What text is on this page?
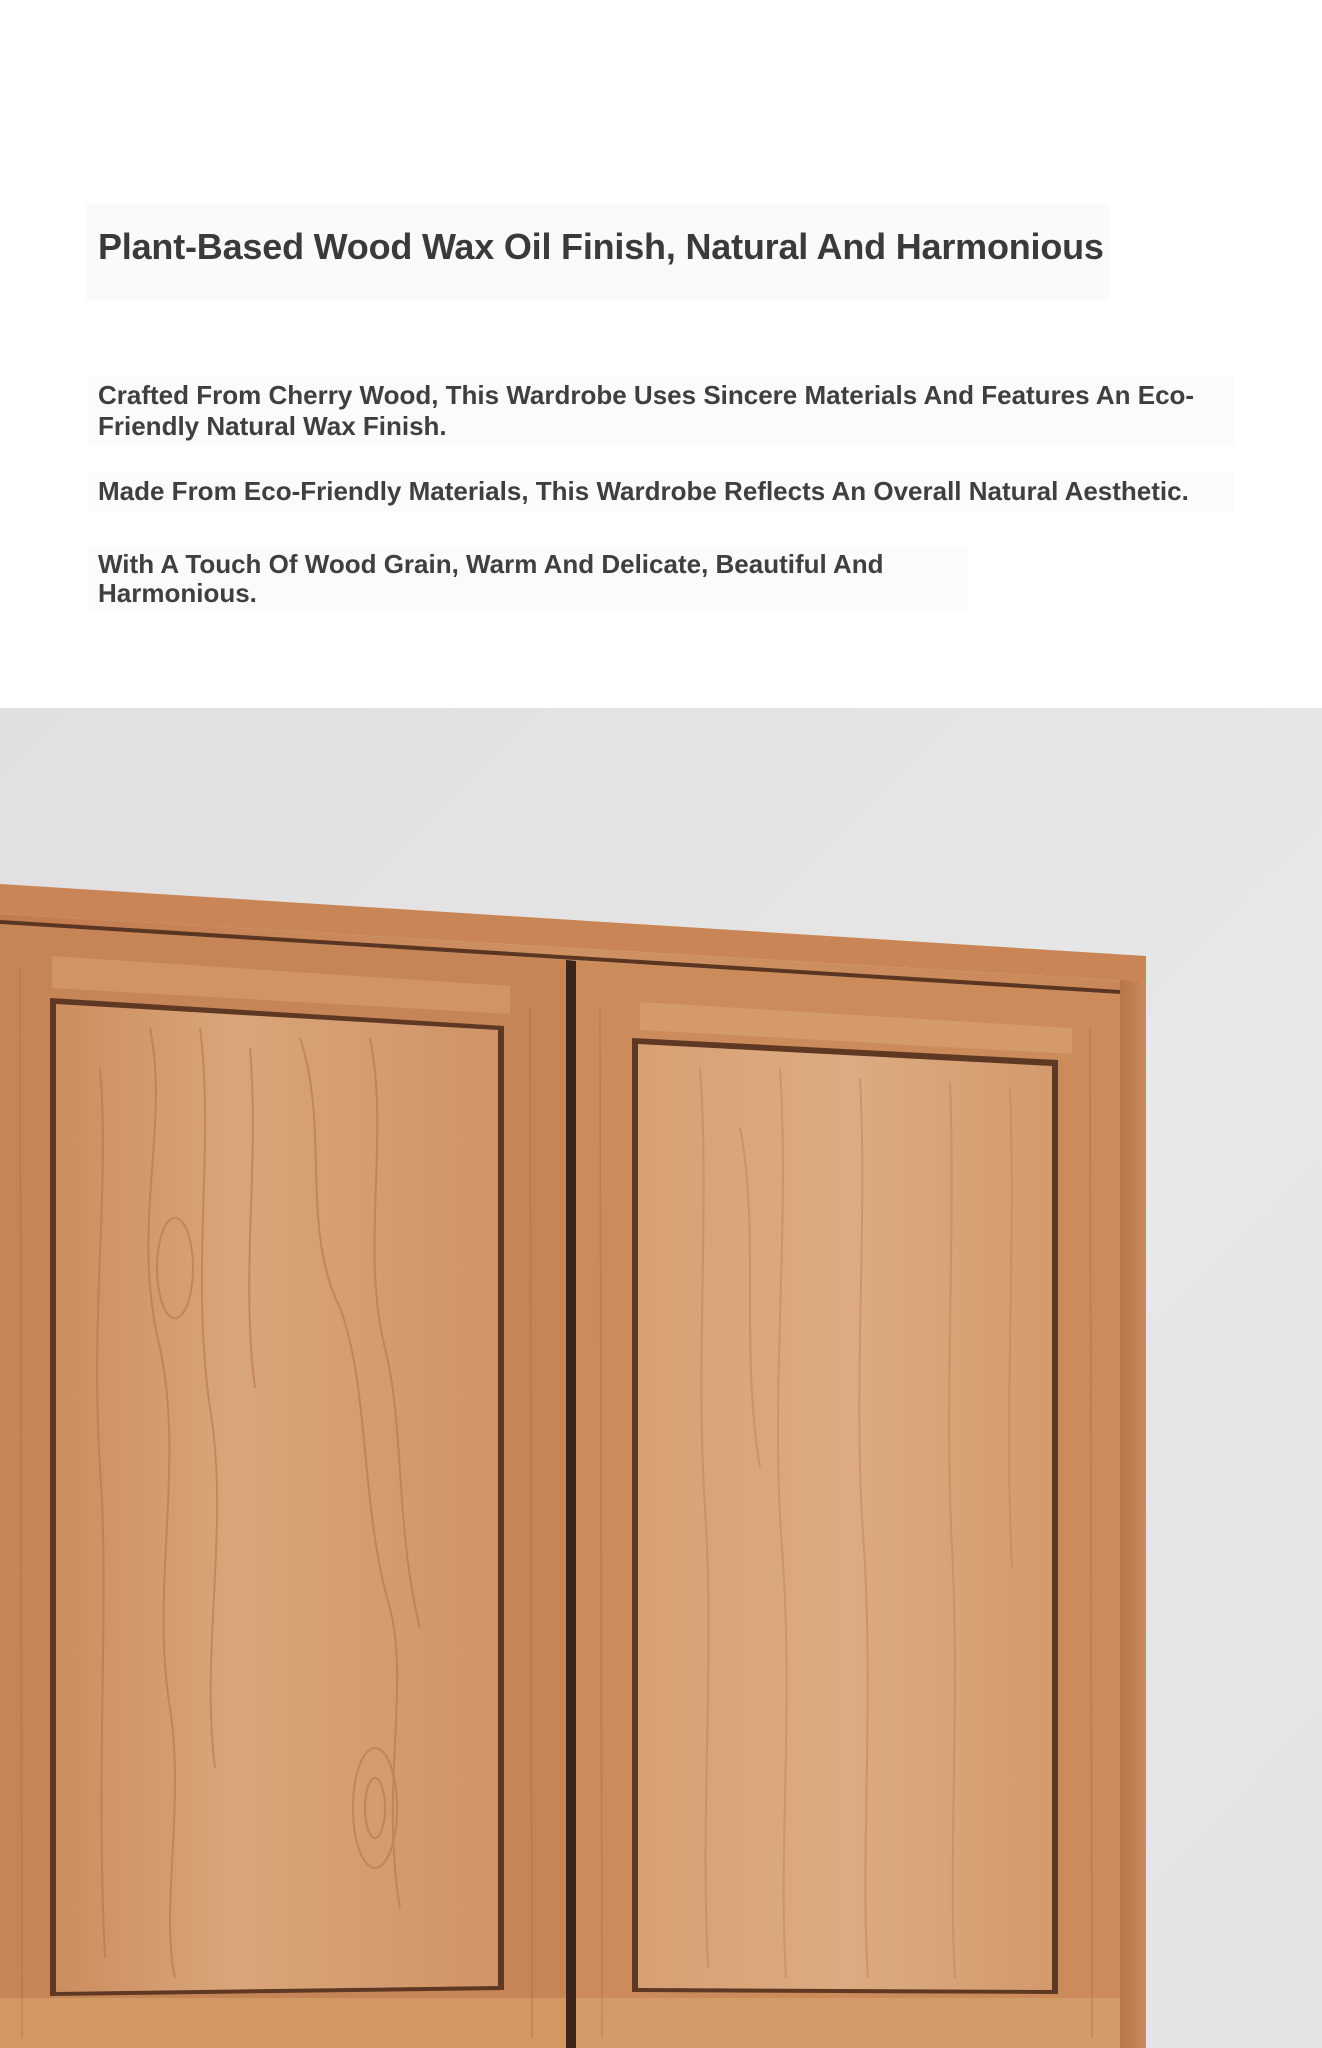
Plant-Based Wood Wax Oil Finish, Natural And Harmonious

Crafted From Cherry Wood, This Wardrobe Uses Sincere Materials And Features An Eco-Friendly Natural Wax Finish.

Made From Eco-Friendly Materials, This Wardrobe Reflects An Overall Natural Aesthetic.

With A Touch Of Wood Grain, Warm And Delicate, Beautiful And Harmonious.
